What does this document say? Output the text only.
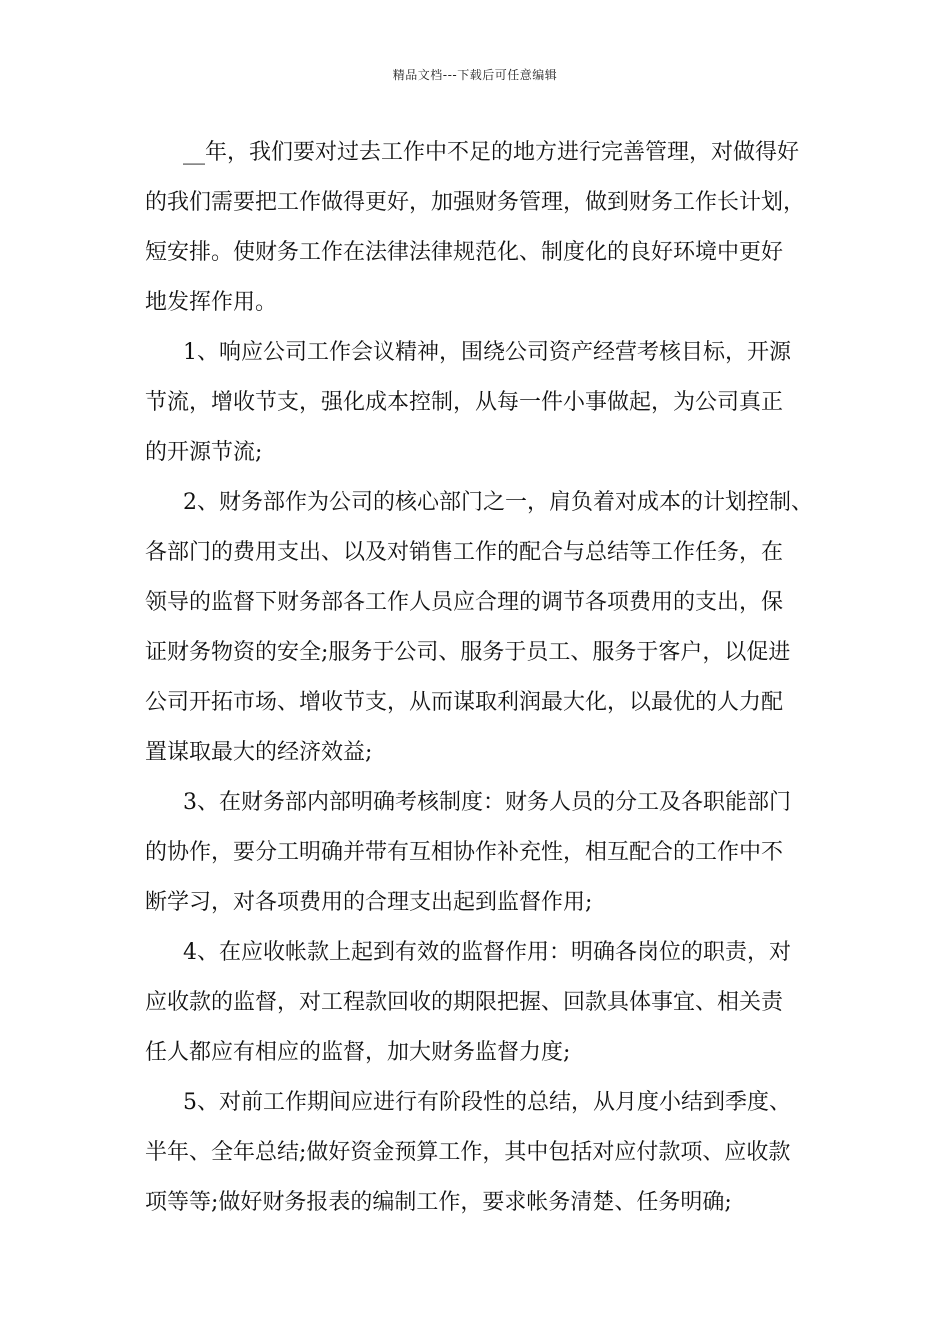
精品文档---下载后可任意编辑
__年，我们要对过去工作中不足的地方进行完善管理，对做得好
的我们需要把工作做得更好，加强财务管理，做到财务工作长计划，
短安排。使财务工作在法律法律规范化、制度化的良好环境中更好
地发挥作用。
1、响应公司工作会议精神，围绕公司资产经营考核目标，开源
节流，增收节支，强化成本控制，从每一件小事做起，为公司真正
的开源节流;
2、财务部作为公司的核心部门之一，肩负着对成本的计划控制、
各部门的费用支出、以及对销售工作的配合与总结等工作任务，在
领导的监督下财务部各工作人员应合理的调节各项费用的支出，保
证财务物资的安全;服务于公司、服务于员工、服务于客户，以促进
公司开拓市场、增收节支，从而谋取利润最大化，以最优的人力配
置谋取最大的经济效益;
3、在财务部内部明确考核制度：财务人员的分工及各职能部门
的协作，要分工明确并带有互相协作补充性，相互配合的工作中不
断学习，对各项费用的合理支出起到监督作用;
4、在应收帐款上起到有效的监督作用：明确各岗位的职责，对
应收款的监督，对工程款回收的期限把握、回款具体事宜、相关责
任人都应有相应的监督，加大财务监督力度;
5、对前工作期间应进行有阶段性的总结，从月度小结到季度、
半年、全年总结;做好资金预算工作，其中包括对应付款项、应收款
项等等;做好财务报表的编制工作，要求帐务清楚、任务明确;
